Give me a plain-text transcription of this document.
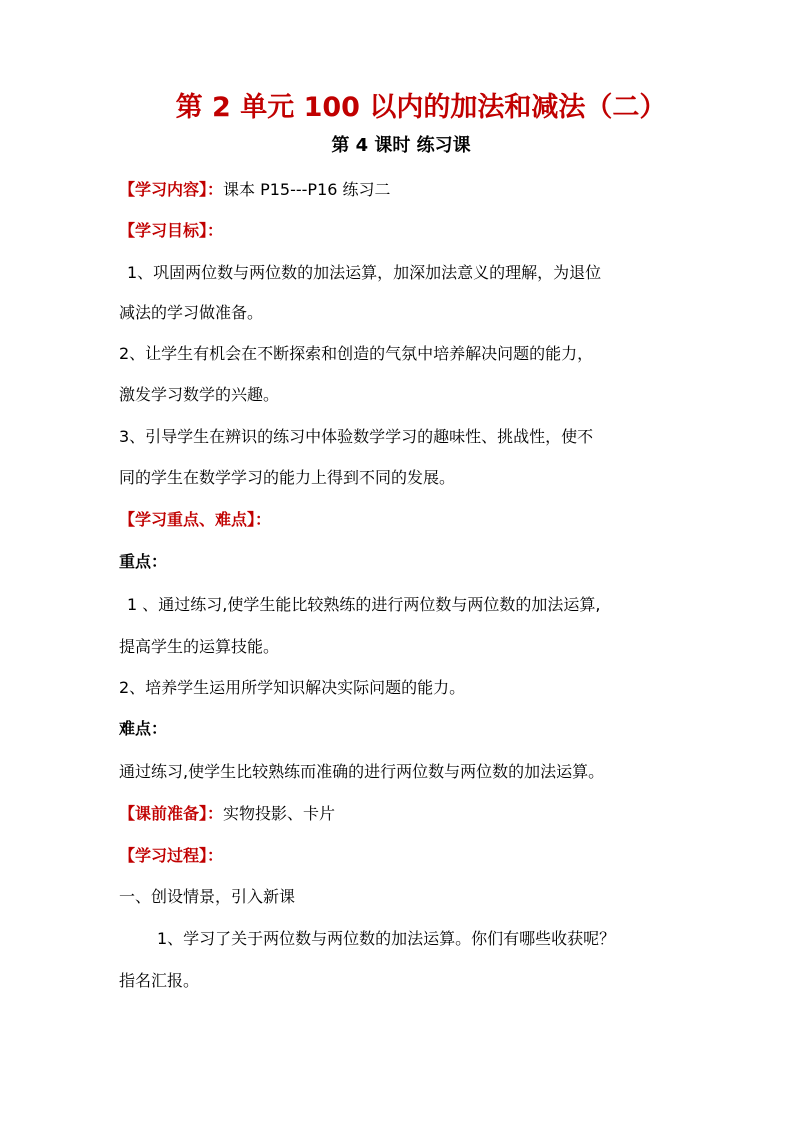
第 2 单元 100 以内的加法和减法（二）
第 4 课时 练习课
【学习内容】：课本 P15---P16 练习二
【学习目标】：
1、巩固两位数与两位数的加法运算，加深加法意义的理解，为退位
减法的学习做准备。
2、让学生有机会在不断探索和创造的气氛中培养解决问题的能力，
激发学习数学的兴趣。
3、引导学生在辨识的练习中体验数学学习的趣味性、挑战性，使不
同的学生在数学学习的能力上得到不同的发展。
【学习重点、难点】：
重点：
1 、通过练习,使学生能比较熟练的进行两位数与两位数的加法运算,
提高学生的运算技能。
2、培养学生运用所学知识解决实际问题的能力。
难点：
通过练习,使学生比较熟练而准确的进行两位数与两位数的加法运算。
【课前准备】：实物投影、卡片
【学习过程】：
一、创设情景，引入新课
1、学习了关于两位数与两位数的加法运算。你们有哪些收获呢？
指名汇报。
